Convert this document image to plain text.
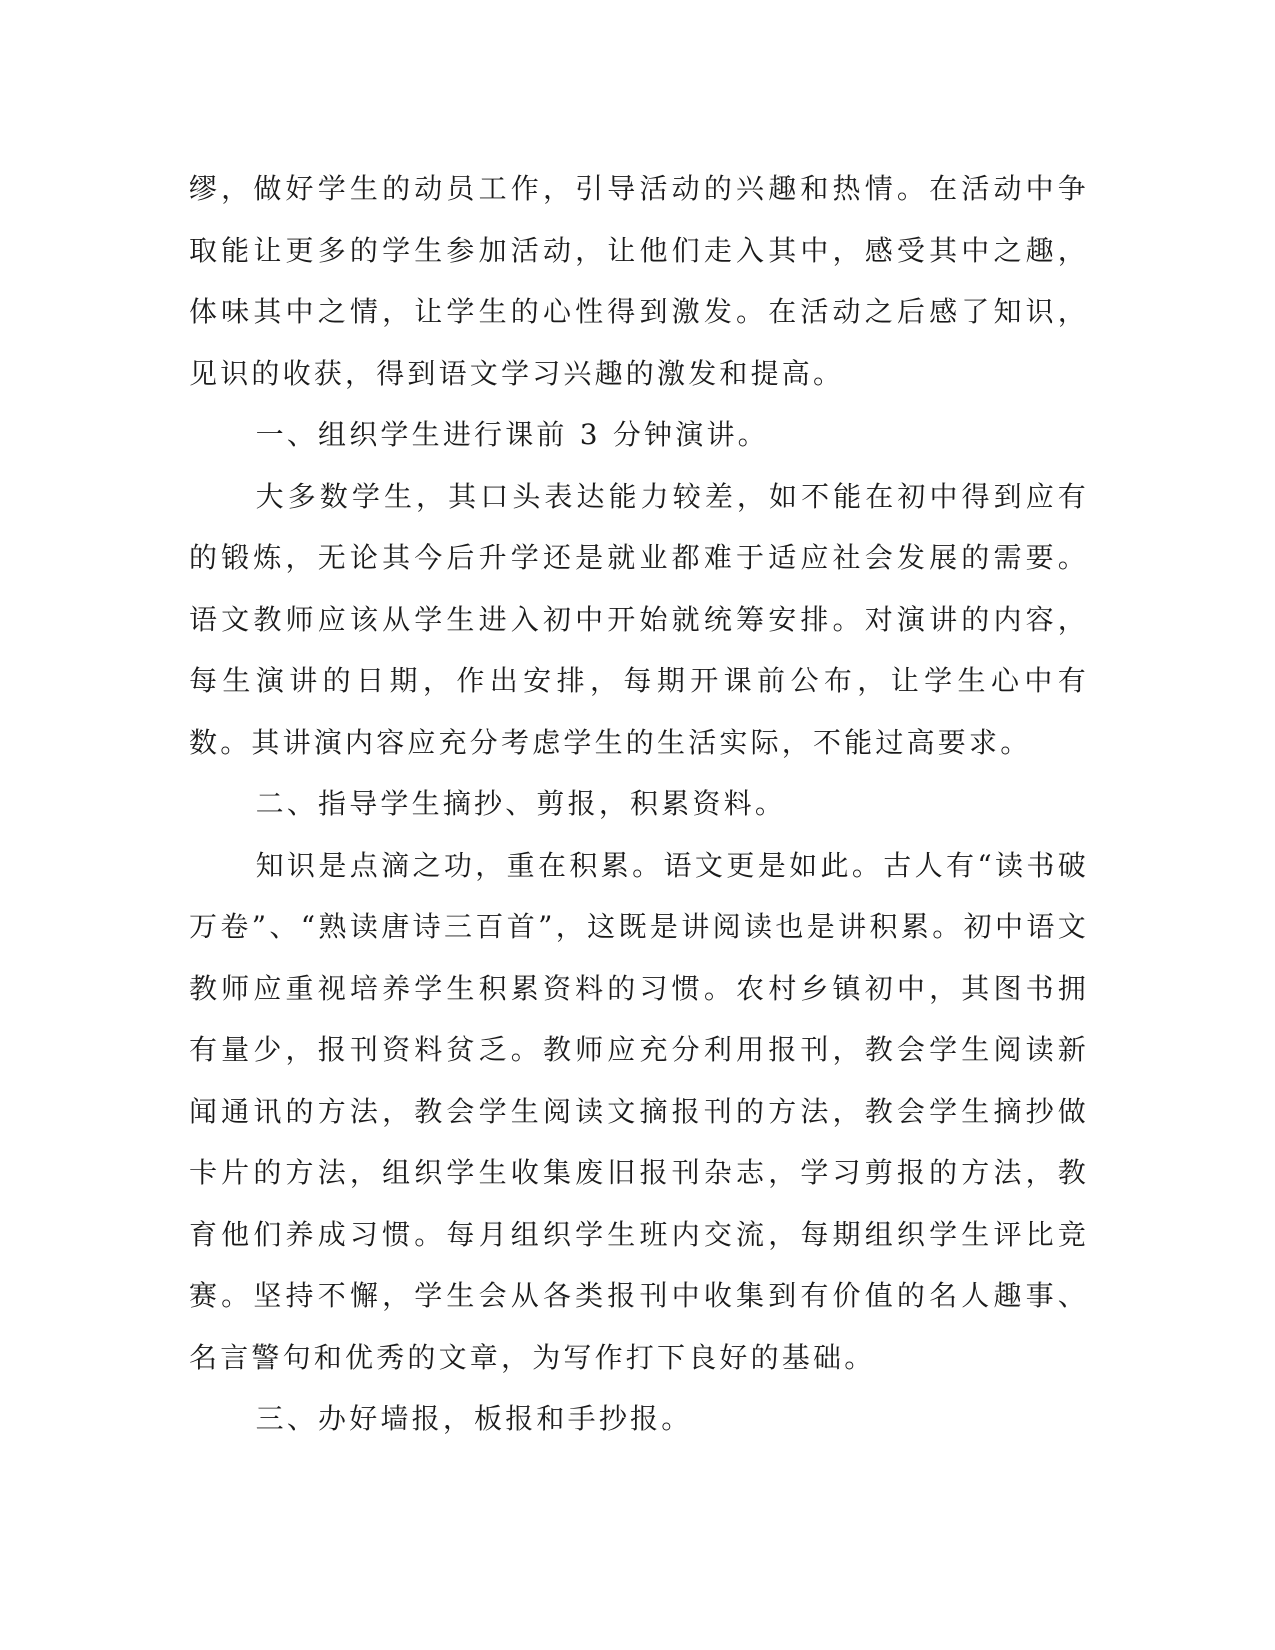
缪，做好学生的动员工作，引导活动的兴趣和热情。在活动中争取能让更多的学生参加活动，让他们走入其中，感受其中之趣，体味其中之情，让学生的心性得到激发。在活动之后感了知识，见识的收获，得到语文学习兴趣的激发和提高。

一、组织学生进行课前 3 分钟演讲。

大多数学生，其口头表达能力较差，如不能在初中得到应有的锻炼，无论其今后升学还是就业都难于适应社会发展的需要。语文教师应该从学生进入初中开始就统筹安排。对演讲的内容，每生演讲的日期，作出安排，每期开课前公布，让学生心中有数。其讲演内容应充分考虑学生的生活实际，不能过高要求。

二、指导学生摘抄、剪报，积累资料。

知识是点滴之功，重在积累。语文更是如此。古人有“读书破万卷”、“熟读唐诗三百首”，这既是讲阅读也是讲积累。初中语文教师应重视培养学生积累资料的习惯。农村乡镇初中，其图书拥有量少，报刊资料贫乏。教师应充分利用报刊，教会学生阅读新闻通讯的方法，教会学生阅读文摘报刊的方法，教会学生摘抄做卡片的方法，组织学生收集废旧报刊杂志，学习剪报的方法，教育他们养成习惯。每月组织学生班内交流，每期组织学生评比竞赛。坚持不懈，学生会从各类报刊中收集到有价值的名人趣事、名言警句和优秀的文章，为写作打下良好的基础。

三、办好墙报，板报和手抄报。
